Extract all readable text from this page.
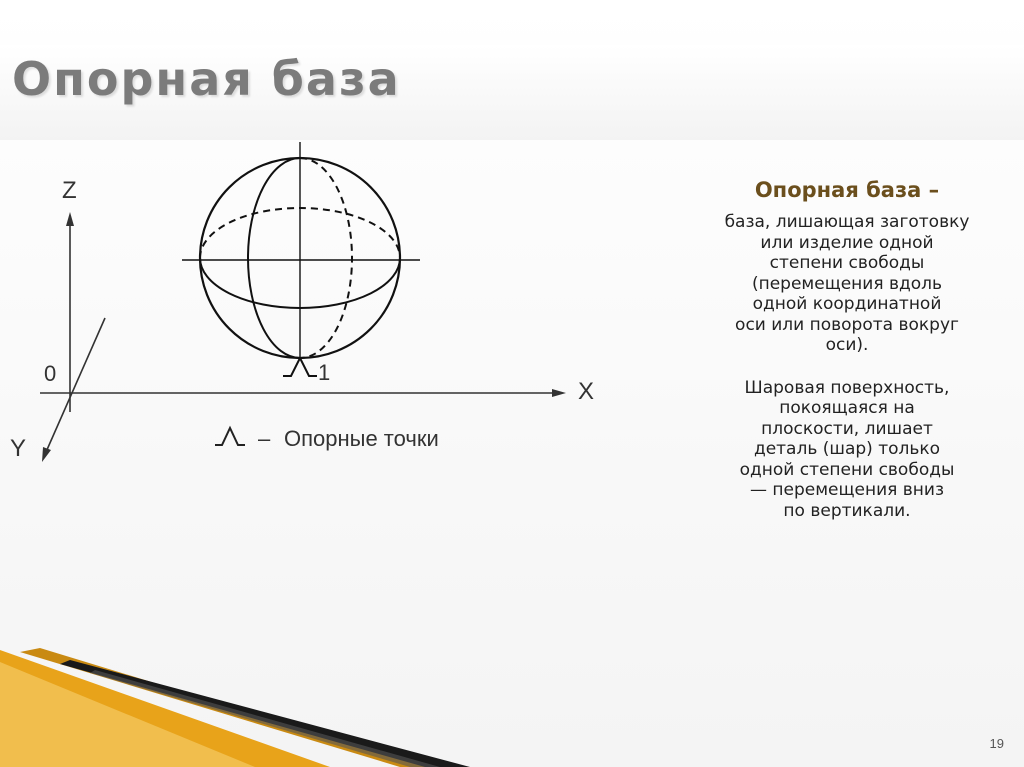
Опорная база
Z
X
Y
0	1
– Опорные точки

Опорная база –

база, лишающая заготовку
или изделие одной
степени свободы
(перемещения вдоль
одной координатной
оси или поворота вокруг
оси).

Шаровая поверхность,
покоящаяся на
плоскости, лишает
деталь (шар) только
одной степени свободы
— перемещения вниз
по вертикали.

19
